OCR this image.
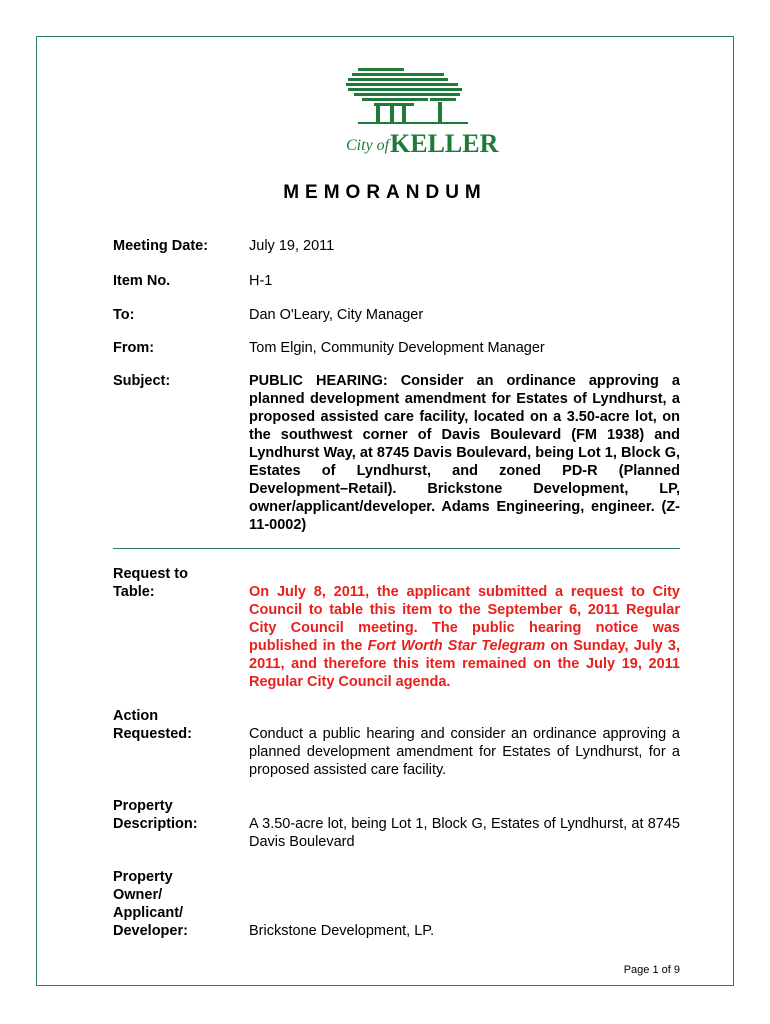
City of KELLER
MEMORANDUM
Meeting Date:	July 19, 2011
Item No.	H-1
To:	Dan O'Leary, City Manager
From:	Tom Elgin, Community Development Manager
Subject:	PUBLIC HEARING: Consider an ordinance approving a planned development amendment for Estates of Lyndhurst, a proposed assisted care facility, located on a 3.50-acre lot, on the southwest corner of Davis Boulevard (FM 1938) and Lyndhurst Way, at 8745 Davis Boulevard, being Lot 1, Block G, Estates of Lyndhurst, and zoned PD-R (Planned Development–Retail). Brickstone Development, LP, owner/applicant/developer. Adams Engineering, engineer. (Z-11-0002)
Request to
Table:	On July 8, 2011, the applicant submitted a request to City Council to table this item to the September 6, 2011 Regular City Council meeting. The public hearing notice was published in the Fort Worth Star Telegram on Sunday, July 3, 2011, and therefore this item remained on the July 19, 2011 Regular City Council agenda.
Action
Requested:	Conduct a public hearing and consider an ordinance approving a planned development amendment for Estates of Lyndhurst, for a proposed assisted care facility.
Property
Description:	A 3.50-acre lot, being Lot 1, Block G, Estates of Lyndhurst, at 8745 Davis Boulevard
Property
Owner/
Applicant/
Developer:	Brickstone Development, LP.
Page 1 of 9
